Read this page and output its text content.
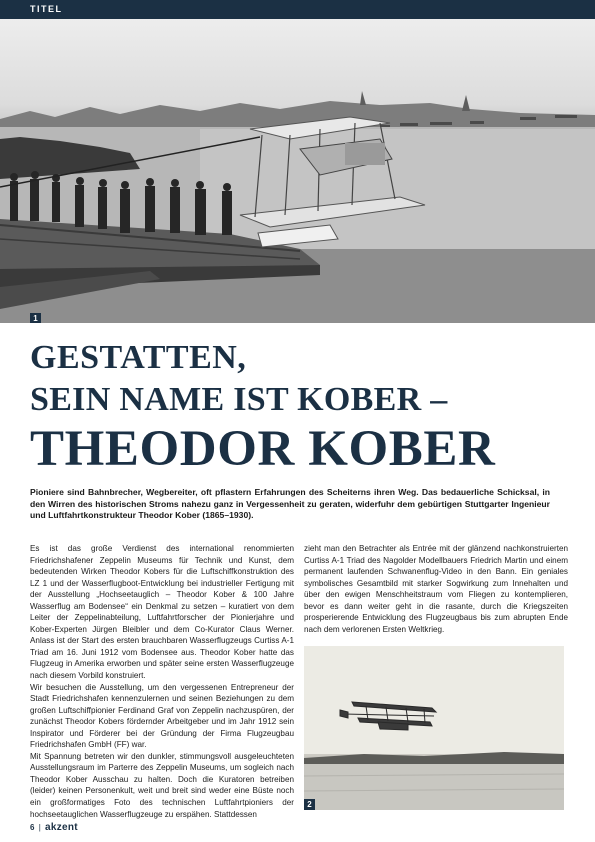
TITEL
1
GESTATTEN,
SEIN NAME IST KOBER –
THEODOR KOBER

Pioniere sind Bahnbrecher, Wegbereiter, oft pflastern Erfahrungen des Scheiterns ihren Weg. Das bedauerliche Schicksal, in den Wirren des historischen Stroms nahezu ganz in Vergessenheit zu geraten, widerfuhr dem gebürtigen Stuttgarter Ingenieur und Luftfahrtkonstrukteur Theodor Kober (1865–1930).

Es ist das große Verdienst des international renommierten Friedrichshafener Zeppelin Museums für Technik und Kunst, dem bedeutenden Wirken Theodor Kobers für die Luftschiffkonstruktion des LZ 1 und der Wasserflugboot-Entwicklung bei industrieller Fertigung mit der Ausstellung „Hochseetauglich – Theodor Kober & 100 Jahre Wasserflug am Bodensee“ ein Denkmal zu setzen – kuratiert von dem Leiter der Zeppelinabteilung, Luftfahrtforscher der Pionierjahre und Kober-Experten Jürgen Bleibler und dem Co-Kurator Claus Werner. Anlass ist der Start des ersten brauchbaren Wasserflugzeugs Curtiss A-1 Triad am 16. Juni 1912 vom Bodensee aus. Theodor Kober hatte das Flugzeug in Amerika erworben und später seine ersten Wasserflugzeuge nach diesem Vorbild konstruiert.

Wir besuchen die Ausstellung, um den vergessenen Entrepreneur der Stadt Friedrichshafen kennenzulernen und seinen Beziehungen zu dem großen Luftschiffpionier Ferdinand Graf von Zeppelin nachzuspüren, der zunächst Theodor Kobers fördernder Arbeitgeber und im Jahr 1912 sein Inspirator und Förderer bei der Gründung der Firma Flugzeugbau Friedrichshafen GmbH (FF) war.

Mit Spannung betreten wir den dunkler, stimmungsvoll ausgeleuchteten Ausstellungsraum im Parterre des Zeppelin Museums, um sogleich nach Theodor Kober Ausschau zu halten. Doch die Kuratoren betreiben (leider) keinen Personenkult, weit und breit sind weder eine Büste noch ein großformatiges Foto des technischen Luftfahrtpioniers der hochseetauglichen Wasserflugzeuge zu erspähen. Stattdessen

zieht man den Betrachter als Entrée mit der glänzend nachkonstruierten Curtiss A-1 Triad des Nagolder Modellbauers Friedrich Martin und einem permanent laufenden Schwanenflug-Video in den Bann. Ein geniales symbolisches Gesamtbild mit starker Sogwirkung zum Innehalten und über den ewigen Menschheitstraum vom Fliegen zu kontemplieren, bevor es dann weiter geht in die rasante, durch die Kriegszeiten prosperierende Entwicklung des Flugzeugbaus bis zum abrupten Ende nach dem verlorenen Ersten Weltkrieg.

2
6 | akzent
